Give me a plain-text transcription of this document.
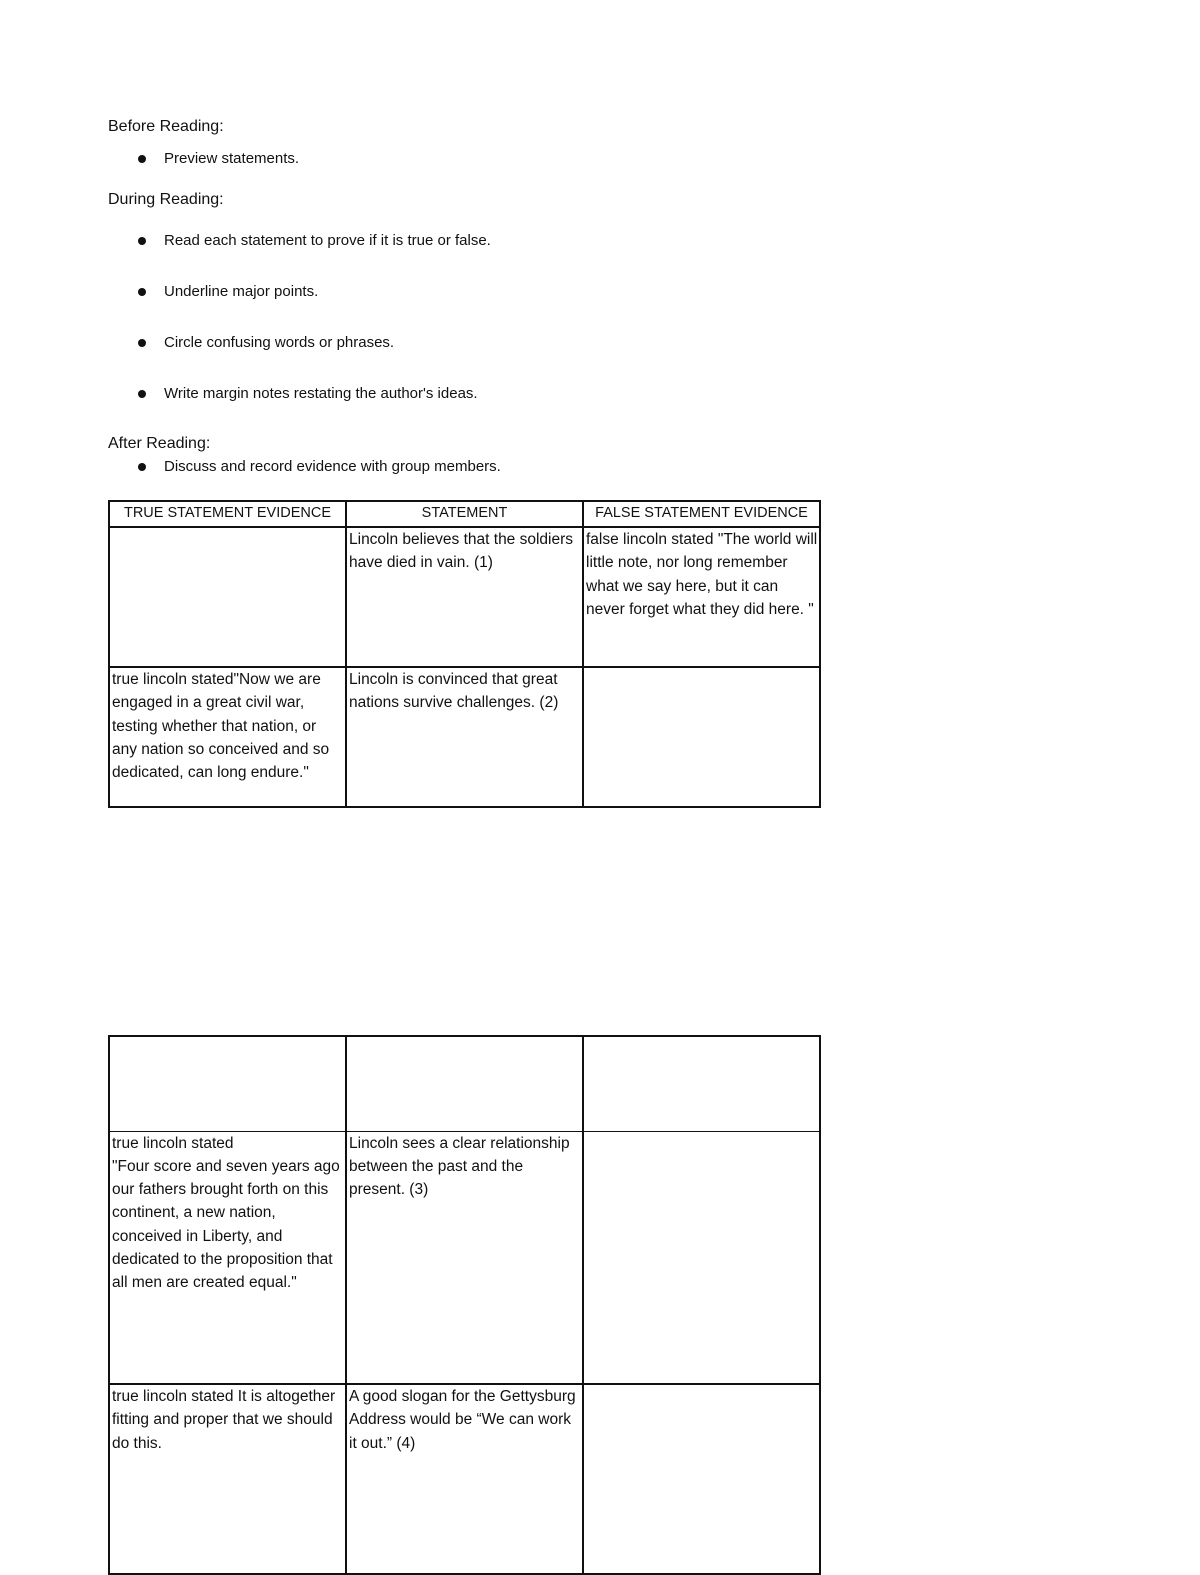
Before Reading:
Preview statements.
During Reading:
Read each statement to prove if it is true or false.
Underline major points.
Circle confusing words or phrases.
Write margin notes restating the author's ideas.
After Reading:
Discuss and record evidence with group members.
TRUE STATEMENT EVIDENCE	STATEMENT	FALSE STATEMENT EVIDENCE
	Lincoln believes that the soldiers have died in vain. (1)	false lincoln stated "The world will little note, nor long remember what we say here, but it can never forget what they did here. "
true lincoln stated"Now we are engaged in a great civil war, testing whether that nation, or any nation so conceived and so dedicated, can long endure."	Lincoln is convinced that great nations survive challenges. (2)	

true lincoln stated
"Four score and seven years ago our fathers brought forth on this continent, a new nation, conceived in Liberty, and dedicated to the proposition that all men are created equal."	Lincoln sees a clear relationship between the past and the present. (3)	
true lincoln stated It is altogether fitting and proper that we should do this.	A good slogan for the Gettysburg Address would be “We can work it out.” (4)	
